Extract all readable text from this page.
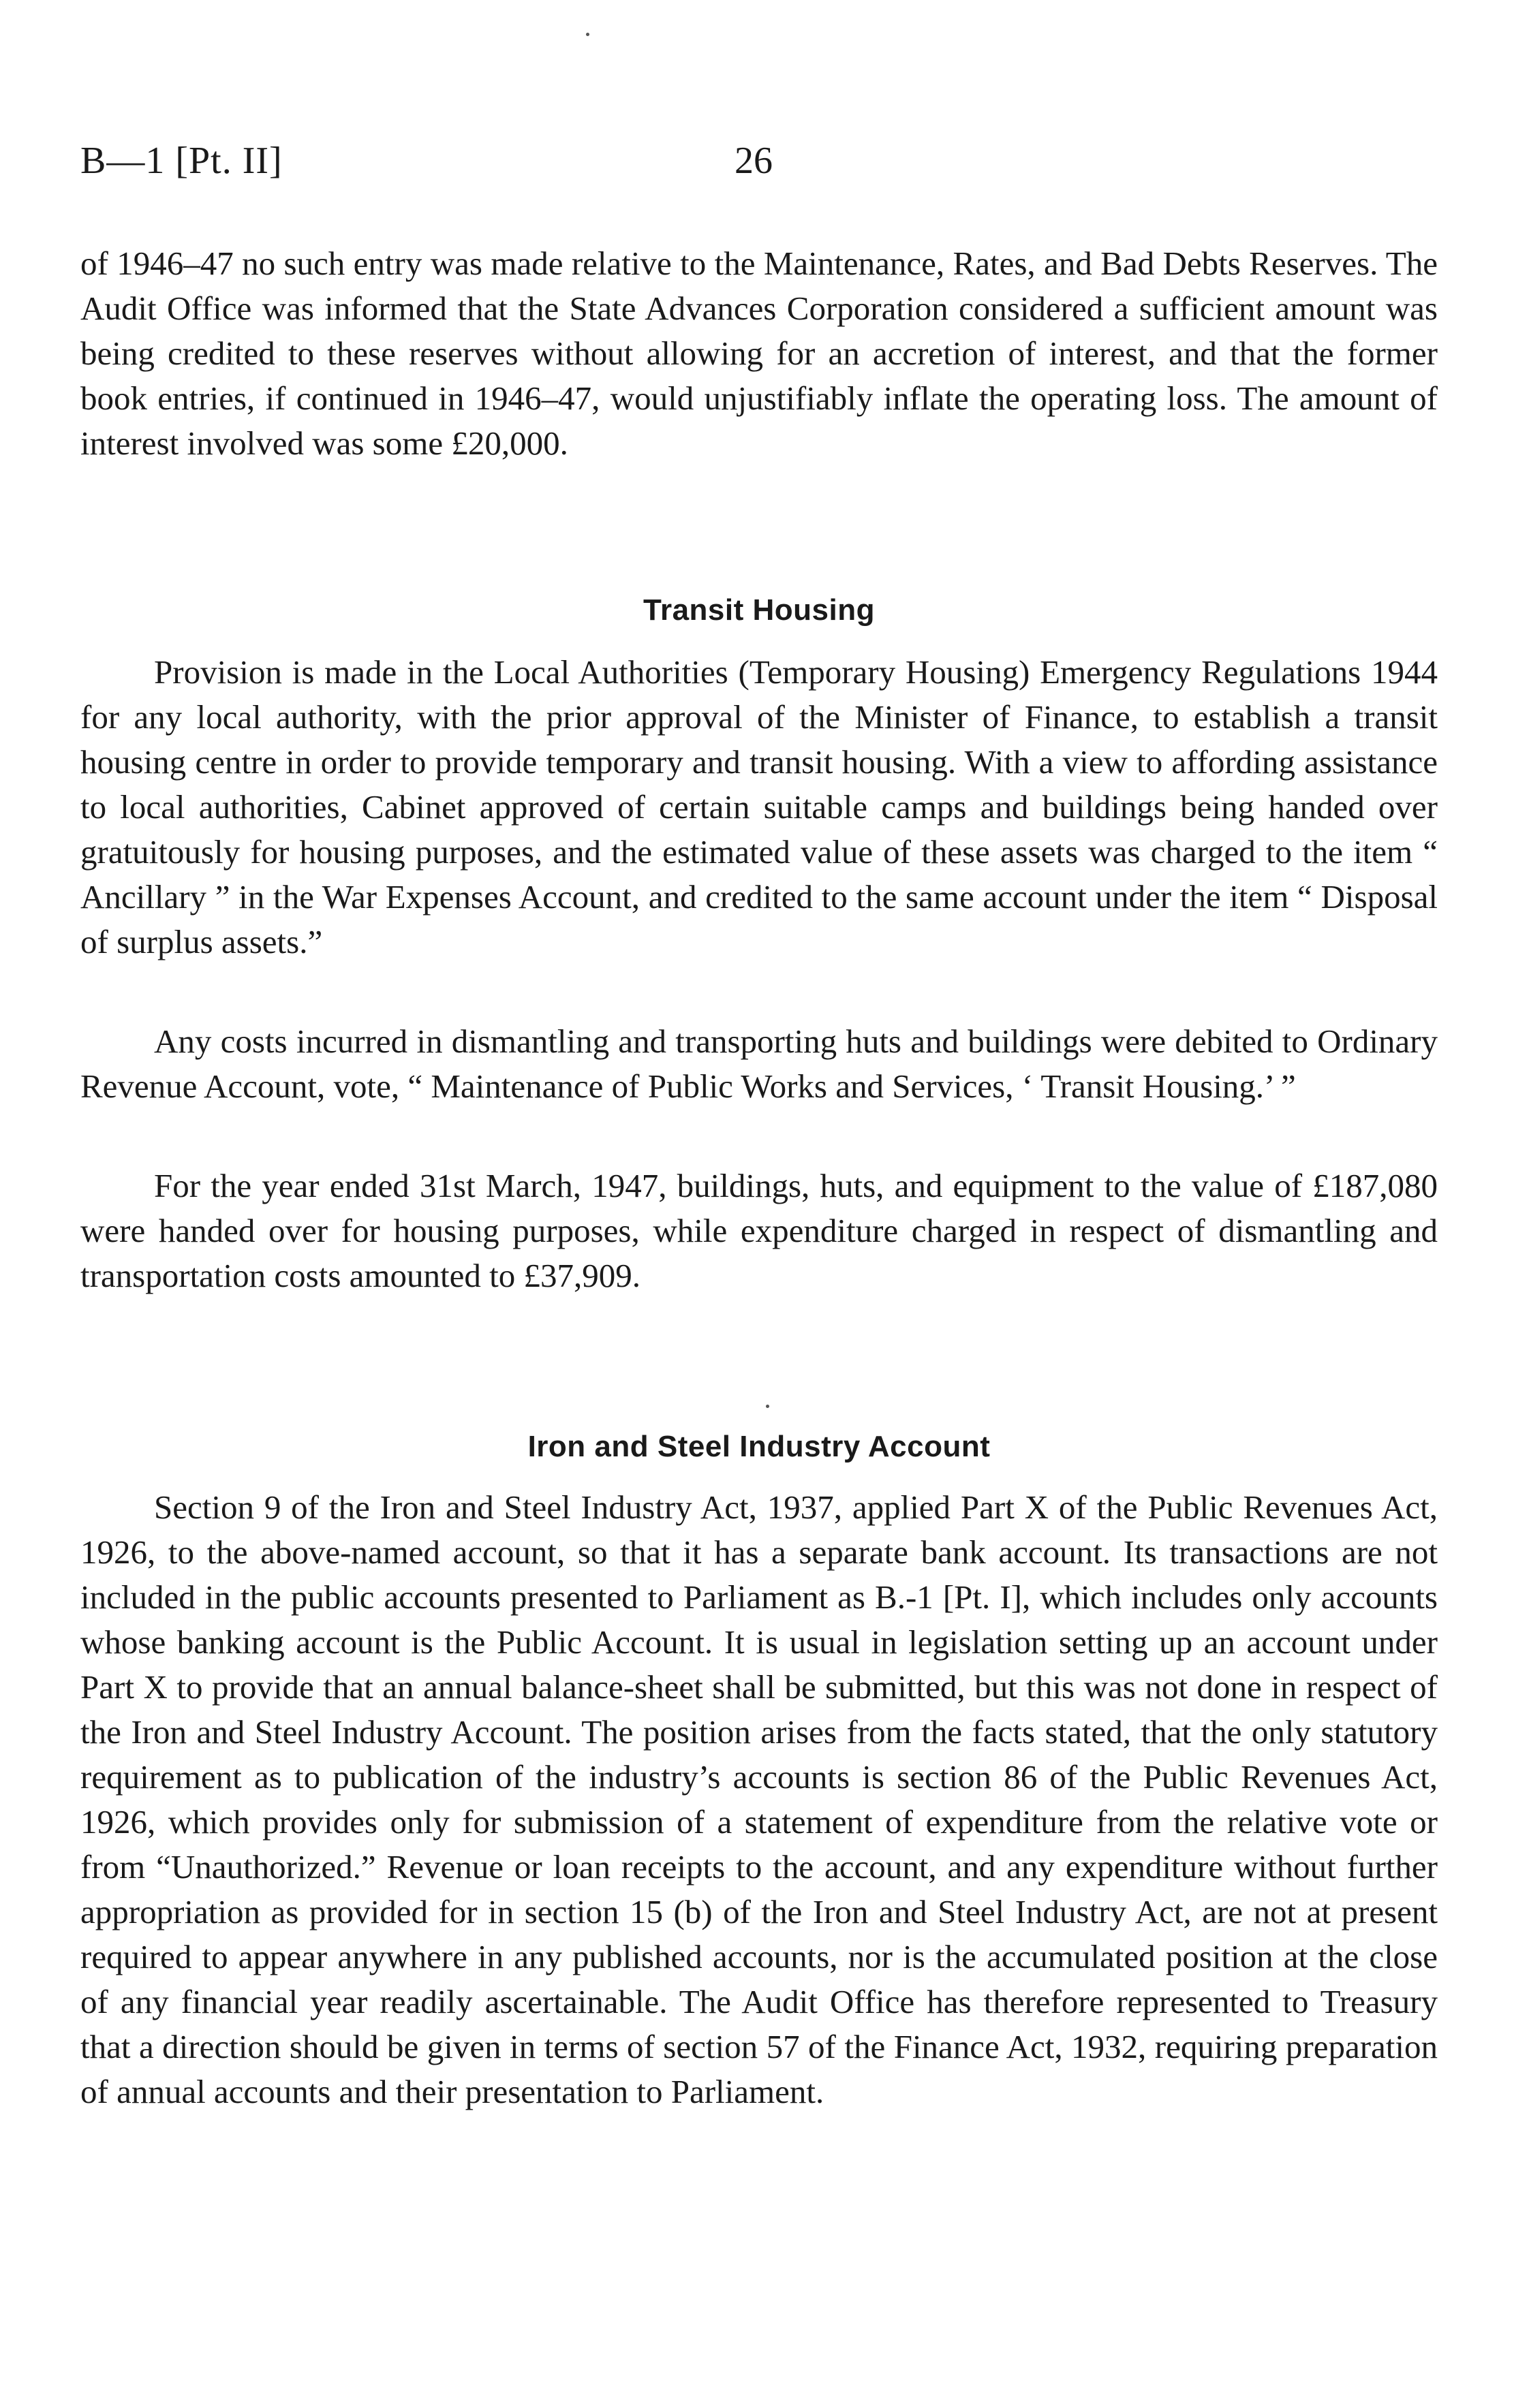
B—1 [Pt. II]	26

of 1946–47 no such entry was made relative to the Maintenance, Rates, and Bad Debts Reserves. The Audit Office was informed that the State Advances Corporation considered a sufficient amount was being credited to these reserves without allowing for an accretion of interest, and that the former book entries, if continued in 1946–47, would unjustifiably inflate the operating loss. The amount of interest involved was some £20,000.

Transit Housing

Provision is made in the Local Authorities (Temporary Housing) Emergency Regulations 1944 for any local authority, with the prior approval of the Minister of Finance, to establish a transit housing centre in order to provide temporary and transit housing. With a view to affording assistance to local authorities, Cabinet approved of certain suitable camps and buildings being handed over gratuitously for housing purposes, and the estimated value of these assets was charged to the item “ Ancillary ” in the War Expenses Account, and credited to the same account under the item “ Disposal of surplus assets.”

Any costs incurred in dismantling and transporting huts and buildings were debited to Ordinary Revenue Account, vote, “ Maintenance of Public Works and Services, ‘ Transit Housing.’ ”

For the year ended 31st March, 1947, buildings, huts, and equipment to the value of £187,080 were handed over for housing purposes, while expenditure charged in respect of dismantling and transportation costs amounted to £37,909.

Iron and Steel Industry Account

Section 9 of the Iron and Steel Industry Act, 1937, applied Part X of the Public Revenues Act, 1926, to the above-named account, so that it has a separate bank account. Its transactions are not included in the public accounts presented to Parliament as B.-1 [Pt. I], which includes only accounts whose banking account is the Public Account. It is usual in legislation setting up an account under Part X to provide that an annual balance-sheet shall be submitted, but this was not done in respect of the Iron and Steel Industry Account. The position arises from the facts stated, that the only statutory requirement as to publication of the industry’s accounts is section 86 of the Public Revenues Act, 1926, which provides only for submission of a statement of expenditure from the relative vote or from “Unauthorized.” Revenue or loan receipts to the account, and any expenditure without further appropriation as provided for in section 15 (b) of the Iron and Steel Industry Act, are not at present required to appear anywhere in any published accounts, nor is the accumulated position at the close of any financial year readily ascertainable. The Audit Office has therefore represented to Treasury that a direction should be given in terms of section 57 of the Finance Act, 1932, requiring preparation of annual accounts and their presentation to Parliament.
